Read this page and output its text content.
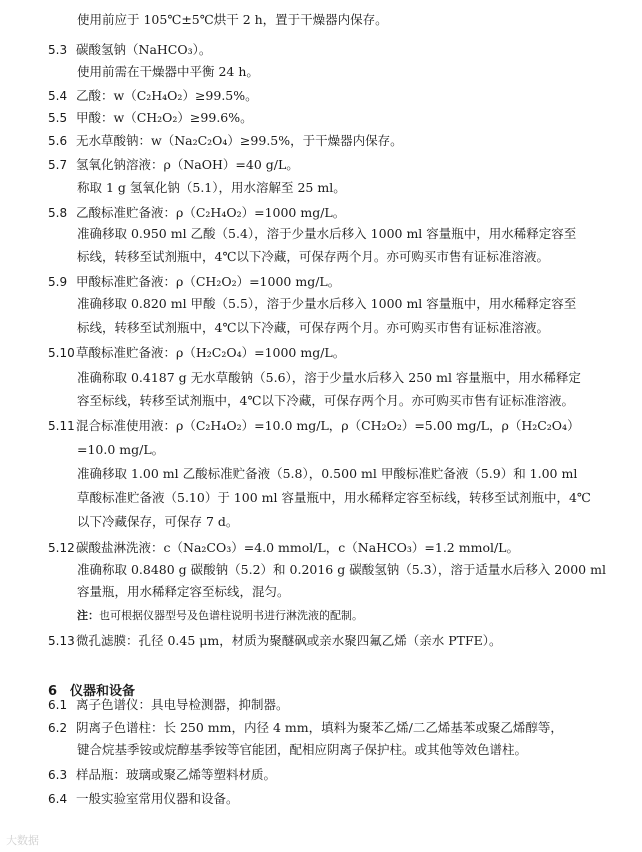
使用前应于 105℃±5℃烘干 2 h，置于干燥器内保存。
5.3 碳酸氢钠（NaHCO₃）。
使用前需在干燥器中平衡 24 h。
5.4 乙酸：w（C₂H₄O₂）≥99.5%。
5.5 甲酸：w（CH₂O₂）≥99.6%。
5.6 无水草酸钠：w（Na₂C₂O₄）≥99.5%，于干燥器内保存。
5.7 氢氧化钠溶液：ρ（NaOH）=40 g/L。
称取 1 g 氢氧化钠（5.1），用水溶解至 25 ml。
5.8 乙酸标准贮备液：ρ（C₂H₄O₂）=1000 mg/L。
准确移取 0.950 ml 乙酸（5.4），溶于少量水后移入 1000 ml 容量瓶中，用水稀释定容至
标线，转移至试剂瓶中，4℃以下冷藏，可保存两个月。亦可购买市售有证标准溶液。
5.9 甲酸标准贮备液：ρ（CH₂O₂）=1000 mg/L。
准确移取 0.820 ml 甲酸（5.5），溶于少量水后移入 1000 ml 容量瓶中，用水稀释定容至
标线，转移至试剂瓶中，4℃以下冷藏，可保存两个月。亦可购买市售有证标准溶液。
5.10草酸标准贮备液：ρ（H₂C₂O₄）=1000 mg/L。
准确称取 0.4187 g 无水草酸钠（5.6），溶于少量水后移入 250 ml 容量瓶中，用水稀释定
容至标线，转移至试剂瓶中，4℃以下冷藏，可保存两个月。亦可购买市售有证标准溶液。
5.11混合标准使用液：ρ（C₂H₄O₂）=10.0 mg/L，ρ（CH₂O₂）=5.00 mg/L，ρ（H₂C₂O₄）
=10.0 mg/L。
准确移取 1.00 ml 乙酸标准贮备液（5.8），0.500 ml 甲酸标准贮备液（5.9）和 1.00 ml
草酸标准贮备液（5.10）于 100 ml 容量瓶中，用水稀释定容至标线，转移至试剂瓶中，4℃
以下冷藏保存，可保存 7 d。
5.12碳酸盐淋洗液：c（Na₂CO₃）=4.0 mmol/L，c（NaHCO₃）=1.2 mmol/L。
准确称取 0.8480 g 碳酸钠（5.2）和 0.2016 g 碳酸氢钠（5.3），溶于适量水后移入 2000 ml
容量瓶，用水稀释定容至标线，混匀。
注：也可根据仪器型号及色谱柱说明书进行淋洗液的配制。
5.13微孔滤膜：孔径 0.45 μm，材质为聚醚砜或亲水聚四氟乙烯（亲水 PTFE）。
6 仪器和设备
6.1 离子色谱仪：具电导检测器，抑制器。
6.2 阴离子色谱柱：长 250 mm，内径 4 mm，填料为聚苯乙烯/二乙烯基苯或聚乙烯醇等，
键合烷基季铵或烷醇基季铵等官能团，配相应阴离子保护柱。或其他等效色谱柱。
6.3 样品瓶：玻璃或聚乙烯等塑料材质。
6.4 一般实验室常用仪器和设备。
大数据
